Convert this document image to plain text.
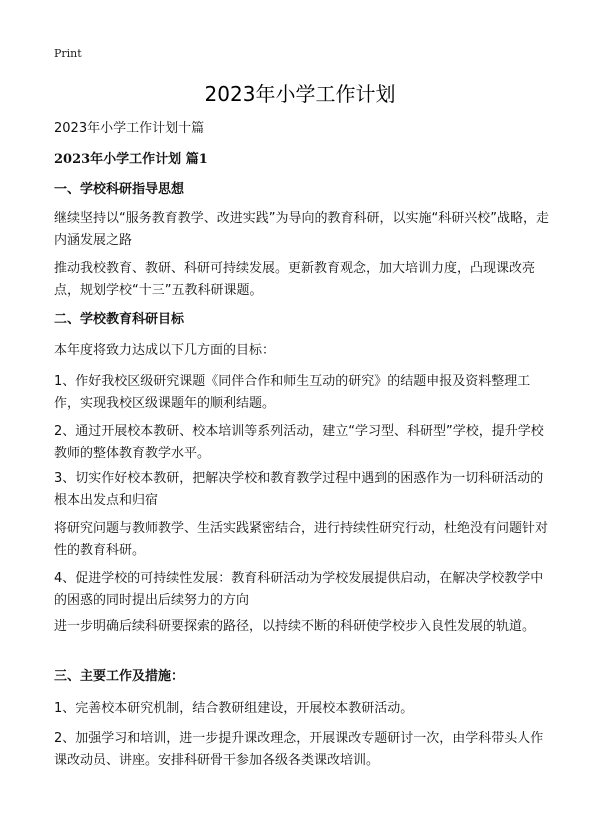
Print
2023年小学工作计划

2023年小学工作计划十篇

2023年小学工作计划 篇1

一、学校科研指导思想

继续坚持以“服务教育教学、改进实践”为导向的教育科研，以实施“科研兴校”战略，走内涵发展之路

推动我校教育、教研、科研可持续发展。更新教育观念，加大培训力度，凸现课改亮点，规划学校“十三”五教科研课题。

二、学校教育科研目标

本年度将致力达成以下几方面的目标：

1、作好我校区级研究课题《同伴合作和师生互动的研究》的结题申报及资料整理工作，实现我校区级课题年的顺利结题。

2、通过开展校本教研、校本培训等系列活动，建立“学习型、科研型”学校，提升学校教师的整体教育教学水平。

3、切实作好校本教研，把解决学校和教育教学过程中遇到的困惑作为一切科研活动的根本出发点和归宿

将研究问题与教师教学、生活实践紧密结合，进行持续性研究行动，杜绝没有问题针对性的教育科研。

4、促进学校的可持续性发展：教育科研活动为学校发展提供启动，在解决学校教学中的困惑的同时提出后续努力的方向

进一步明确后续科研要探索的路径，以持续不断的科研使学校步入良性发展的轨道。

三、主要工作及措施：

1、完善校本研究机制，结合教研组建设，开展校本教研活动。

2、加强学习和培训，进一步提升课改理念，开展课改专题研讨一次，由学科带头人作课改动员、讲座。安排科研骨干参加各级各类课改培训。
